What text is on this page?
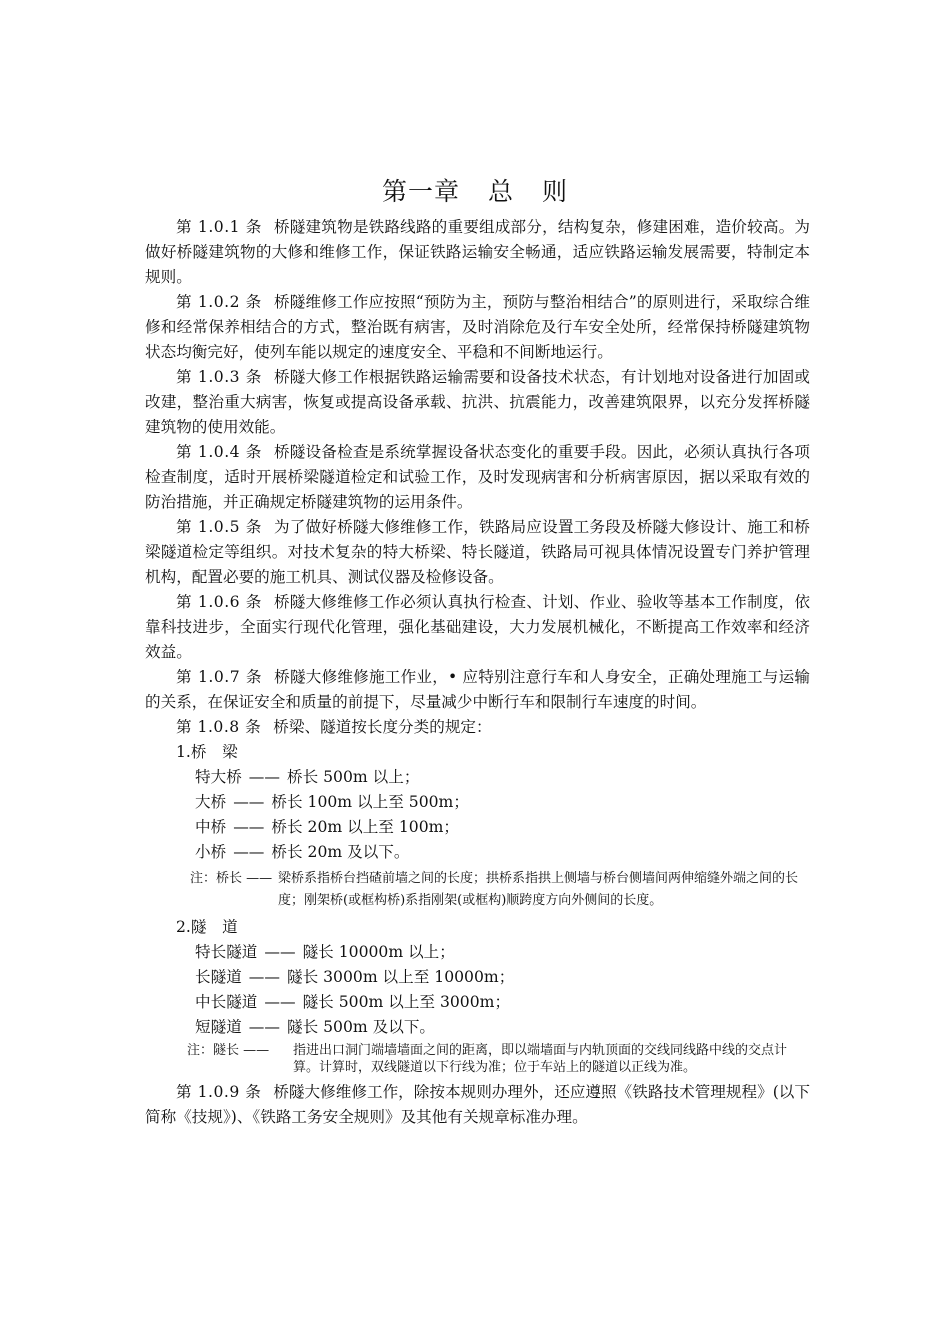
第一章 总 则

第 1.0.1 条 桥隧建筑物是铁路线路的重要组成部分，结构复杂，修建困难，造价较高。为做好桥隧建筑物的大修和维修工作，保证铁路运输安全畅通，适应铁路运输发展需要，特制定本规则。

第 1.0.2 条 桥隧维修工作应按照“预防为主，预防与整治相结合”的原则进行，采取综合维修和经常保养相结合的方式，整治既有病害，及时消除危及行车安全处所，经常保持桥隧建筑物状态均衡完好，使列车能以规定的速度安全、平稳和不间断地运行。

第 1.0.3 条 桥隧大修工作根据铁路运输需要和设备技术状态，有计划地对设备进行加固或改建，整治重大病害，恢复或提高设备承载、抗洪、抗震能力，改善建筑限界，以充分发挥桥隧建筑物的使用效能。

第 1.0.4 条 桥隧设备检查是系统掌握设备状态变化的重要手段。因此，必须认真执行各项检查制度，适时开展桥梁隧道检定和试验工作，及时发现病害和分析病害原因，据以采取有效的防治措施，并正确规定桥隧建筑物的运用条件。

第 1.0.5 条 为了做好桥隧大修维修工作，铁路局应设置工务段及桥隧大修设计、施工和桥梁隧道检定等组织。对技术复杂的特大桥梁、特长隧道，铁路局可视具体情况设置专门养护管理机构，配置必要的施工机具、测试仪器及检修设备。

第 1.0.6 条 桥隧大修维修工作必须认真执行检查、计划、作业、验收等基本工作制度，依靠科技进步，全面实行现代化管理，强化基础建设，大力发展机械化，不断提高工作效率和经济效益。

第 1.0.7 条 桥隧大修维修施工作业，• 应特别注意行车和人身安全，正确处理施工与运输的关系，在保证安全和质量的前提下，尽量减少中断行车和限制行车速度的时间。

第 1.0.8 条 桥梁、隧道按长度分类的规定：

1.桥　梁

特大桥 —— 桥长 500m 以上；

大桥 —— 桥长 100m 以上至 500m；

中桥 —— 桥长 20m 以上至 100m；

小桥 —— 桥长 20m 及以下。

注：桥长 —— 梁桥系指桥台挡碴前墙之间的长度；拱桥系指拱上侧墙与桥台侧墙间两伸缩缝外端之间的长度；刚架桥(或框构桥)系指刚架(或框构)顺跨度方向外侧间的长度。

2.隧　道

特长隧道 —— 隧长 10000m 以上；

长隧道 —— 隧长 3000m 以上至 10000m；

中长隧道 —— 隧长 500m 以上至 3000m；

短隧道 —— 隧长 500m 及以下。

注：隧长 —— 指进出口洞门端墙墙面之间的距离，即以端墙面与内轨顶面的交线同线路中线的交点计算。计算时，双线隧道以下行线为准；位于车站上的隧道以正线为准。

第 1.0.9 条 桥隧大修维修工作，除按本规则办理外，还应遵照《铁路技术管理规程》(以下简称《技规》)、《铁路工务安全规则》及其他有关规章标准办理。
